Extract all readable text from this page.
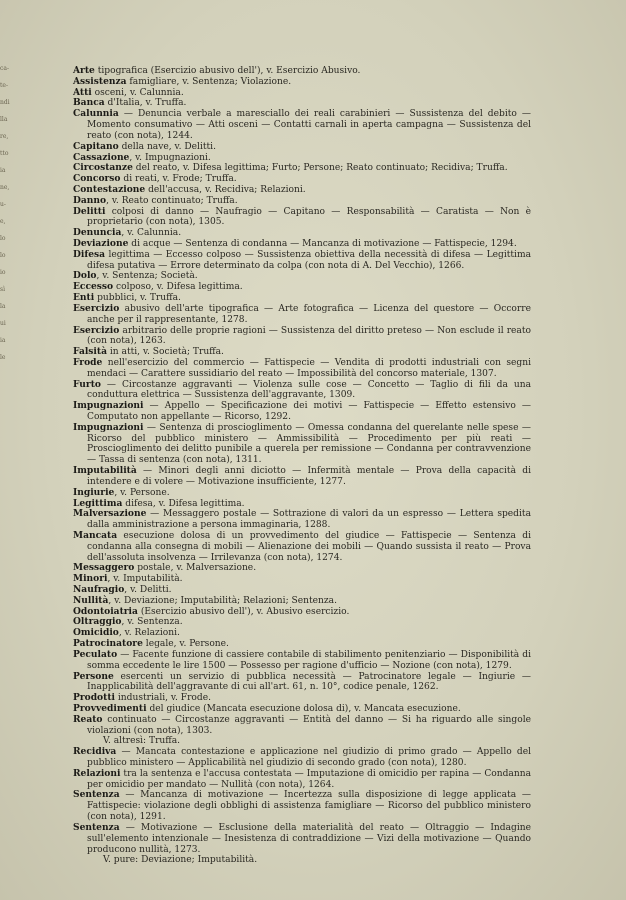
ca-
te-
ndi
lla
re,
tto
ia
ne,
u-
e,
lo
lo
io
sì
la
ui
ia
le

Arte tipografica (Esercizio abusivo dell'), v. Esercizio Abusivo.

Assistenza famigliare, v. Sentenza; Violazione.

Atti osceni, v. Calunnia.

Banca d'Italia, v. Truffa.

Calunnia — Denuncia verbale a maresciallo dei reali carabinieri — Sussistenza del debito — Momento consumativo — Atti osceni — Contatti carnali in aperta campagna — Sussistenza del reato (con nota), 1244.

Capitano della nave, v. Delitti.

Cassazione, v. Impugnazioni.

Circostanze del reato, v. Difesa legittima; Furto; Persone; Reato continuato; Recidiva; Truffa.

Concorso di reati, v. Frode; Truffa.

Contestazione dell'accusa, v. Recidiva; Relazioni.

Danno, v. Reato continuato; Truffa.

Delitti colposi di danno — Naufragio — Capitano — Responsabilità — Caratista — Non è proprietario (con nota), 1305.

Denuncia, v. Calunnia.

Deviazione di acque — Sentenza di condanna — Mancanza di motivazione — Fattispecie, 1294.

Difesa legittima — Eccesso colposo — Sussistenza obiettiva della necessità di difesa — Legittima difesa putativa — Errore determinato da colpa (con nota di A. Del Vecchio), 1266.

Dolo, v. Sentenza; Società.

Eccesso colposo, v. Difesa legittima.

Enti pubblici, v. Truffa.

Esercizio abusivo dell'arte tipografica — Arte fotografica — Licenza del questore — Occorre anche per il rappresentante, 1278.

Esercizio arbitrario delle proprie ragioni — Sussistenza del diritto preteso — Non esclude il reato (con nota), 1263.

Falsità in atti, v. Società; Truffa.

Frode nell'esercizio del commercio — Fattispecie — Vendita di prodotti industriali con segni mendaci — Carattere sussidiario del reato — Impossibilità del concorso materiale, 1307.

Furto — Circostanze aggravanti — Violenza sulle cose — Concetto — Taglio di fili da una conduttura elettrica — Sussistenza dell'aggravante, 1309.

Impugnazioni — Appello — Specificazione dei motivi — Fattispecie — Effetto estensivo — Computato non appellante — Ricorso, 1292.

Impugnazioni — Sentenza di proscioglimento — Omessa condanna del querelante nelle spese — Ricorso del pubblico ministero — Ammissibilità — Procedimento per più reati — Proscioglimento dei delitto punibile a querela per remissione — Condanna per contravvenzione — Tassa di sentenza (con nota), 1311.

Imputabilità — Minori degli anni diciotto — Infermità mentale — Prova della capacità di intendere e di volere — Motivazione insufficiente, 1277.

Ingiurie, v. Persone.

Legittima difesa, v. Difesa legittima.

Malversazione — Messaggero postale — Sottrazione di valori da un espresso — Lettera spedita dalla amministrazione a persona immaginaria, 1288.

Mancata esecuzione dolosa di un provvedimento del giudice — Fattispecie — Sentenza di condanna alla consegna di mobili — Alienazione dei mobili — Quando sussista il reato — Prova dell'assoluta insolvenza — Irrilevanza (con nota), 1274.

Messaggero postale, v. Malversazione.

Minori, v. Imputabilità.

Naufragio, v. Delitti.

Nullità, v. Deviazione; Imputabilità; Relazioni; Sentenza.

Odontoiatria (Esercizio abusivo dell'), v. Abusivo esercizio.

Oltraggio, v. Sentenza.

Omicidio, v. Relazioni.

Patrocinatore legale, v. Persone.

Peculato — Facente funzione di cassiere contabile di stabilimento penitenziario — Disponibilità di somma eccedente le lire 1500 — Possesso per ragione d'ufficio — Nozione (con nota), 1279.

Persone esercenti un servizio di pubblica necessità — Patrocinatore legale — Ingiurie — Inapplicabilità dell'aggravante di cui all'art. 61, n. 10°, codice penale, 1262.

Prodotti industriali, v. Frode.

Provvedimenti del giudice (Mancata esecuzione dolosa di), v. Mancata esecuzione.

Reato continuato — Circostanze aggravanti — Entità del danno — Si ha riguardo alle singole violazioni (con nota), 1303.

V. altresì: Truffa.

Recidiva — Mancata contestazione e applicazione nel giudizio di primo grado — Appello del pubblico ministero — Applicabilità nel giudizio di secondo grado (con nota), 1280.

Relazioni tra la sentenza e l'accusa contestata — Imputazione di omicidio per rapina — Condanna per omicidio per mandato — Nullità (con nota), 1264.

Sentenza — Mancanza di motivazione — Incertezza sulla disposizione di legge applicata — Fattispecie: violazione degli obblighi di assistenza famigliare — Ricorso del pubblico ministero (con nota), 1291.

Sentenza — Motivazione — Esclusione della materialità del reato — Oltraggio — Indagine sull'elemento intenzionale — Inesistenza di contraddizione — Vizi della motivazione — Quando producono nullità, 1273.

V. pure: Deviazione; Imputabilità.
